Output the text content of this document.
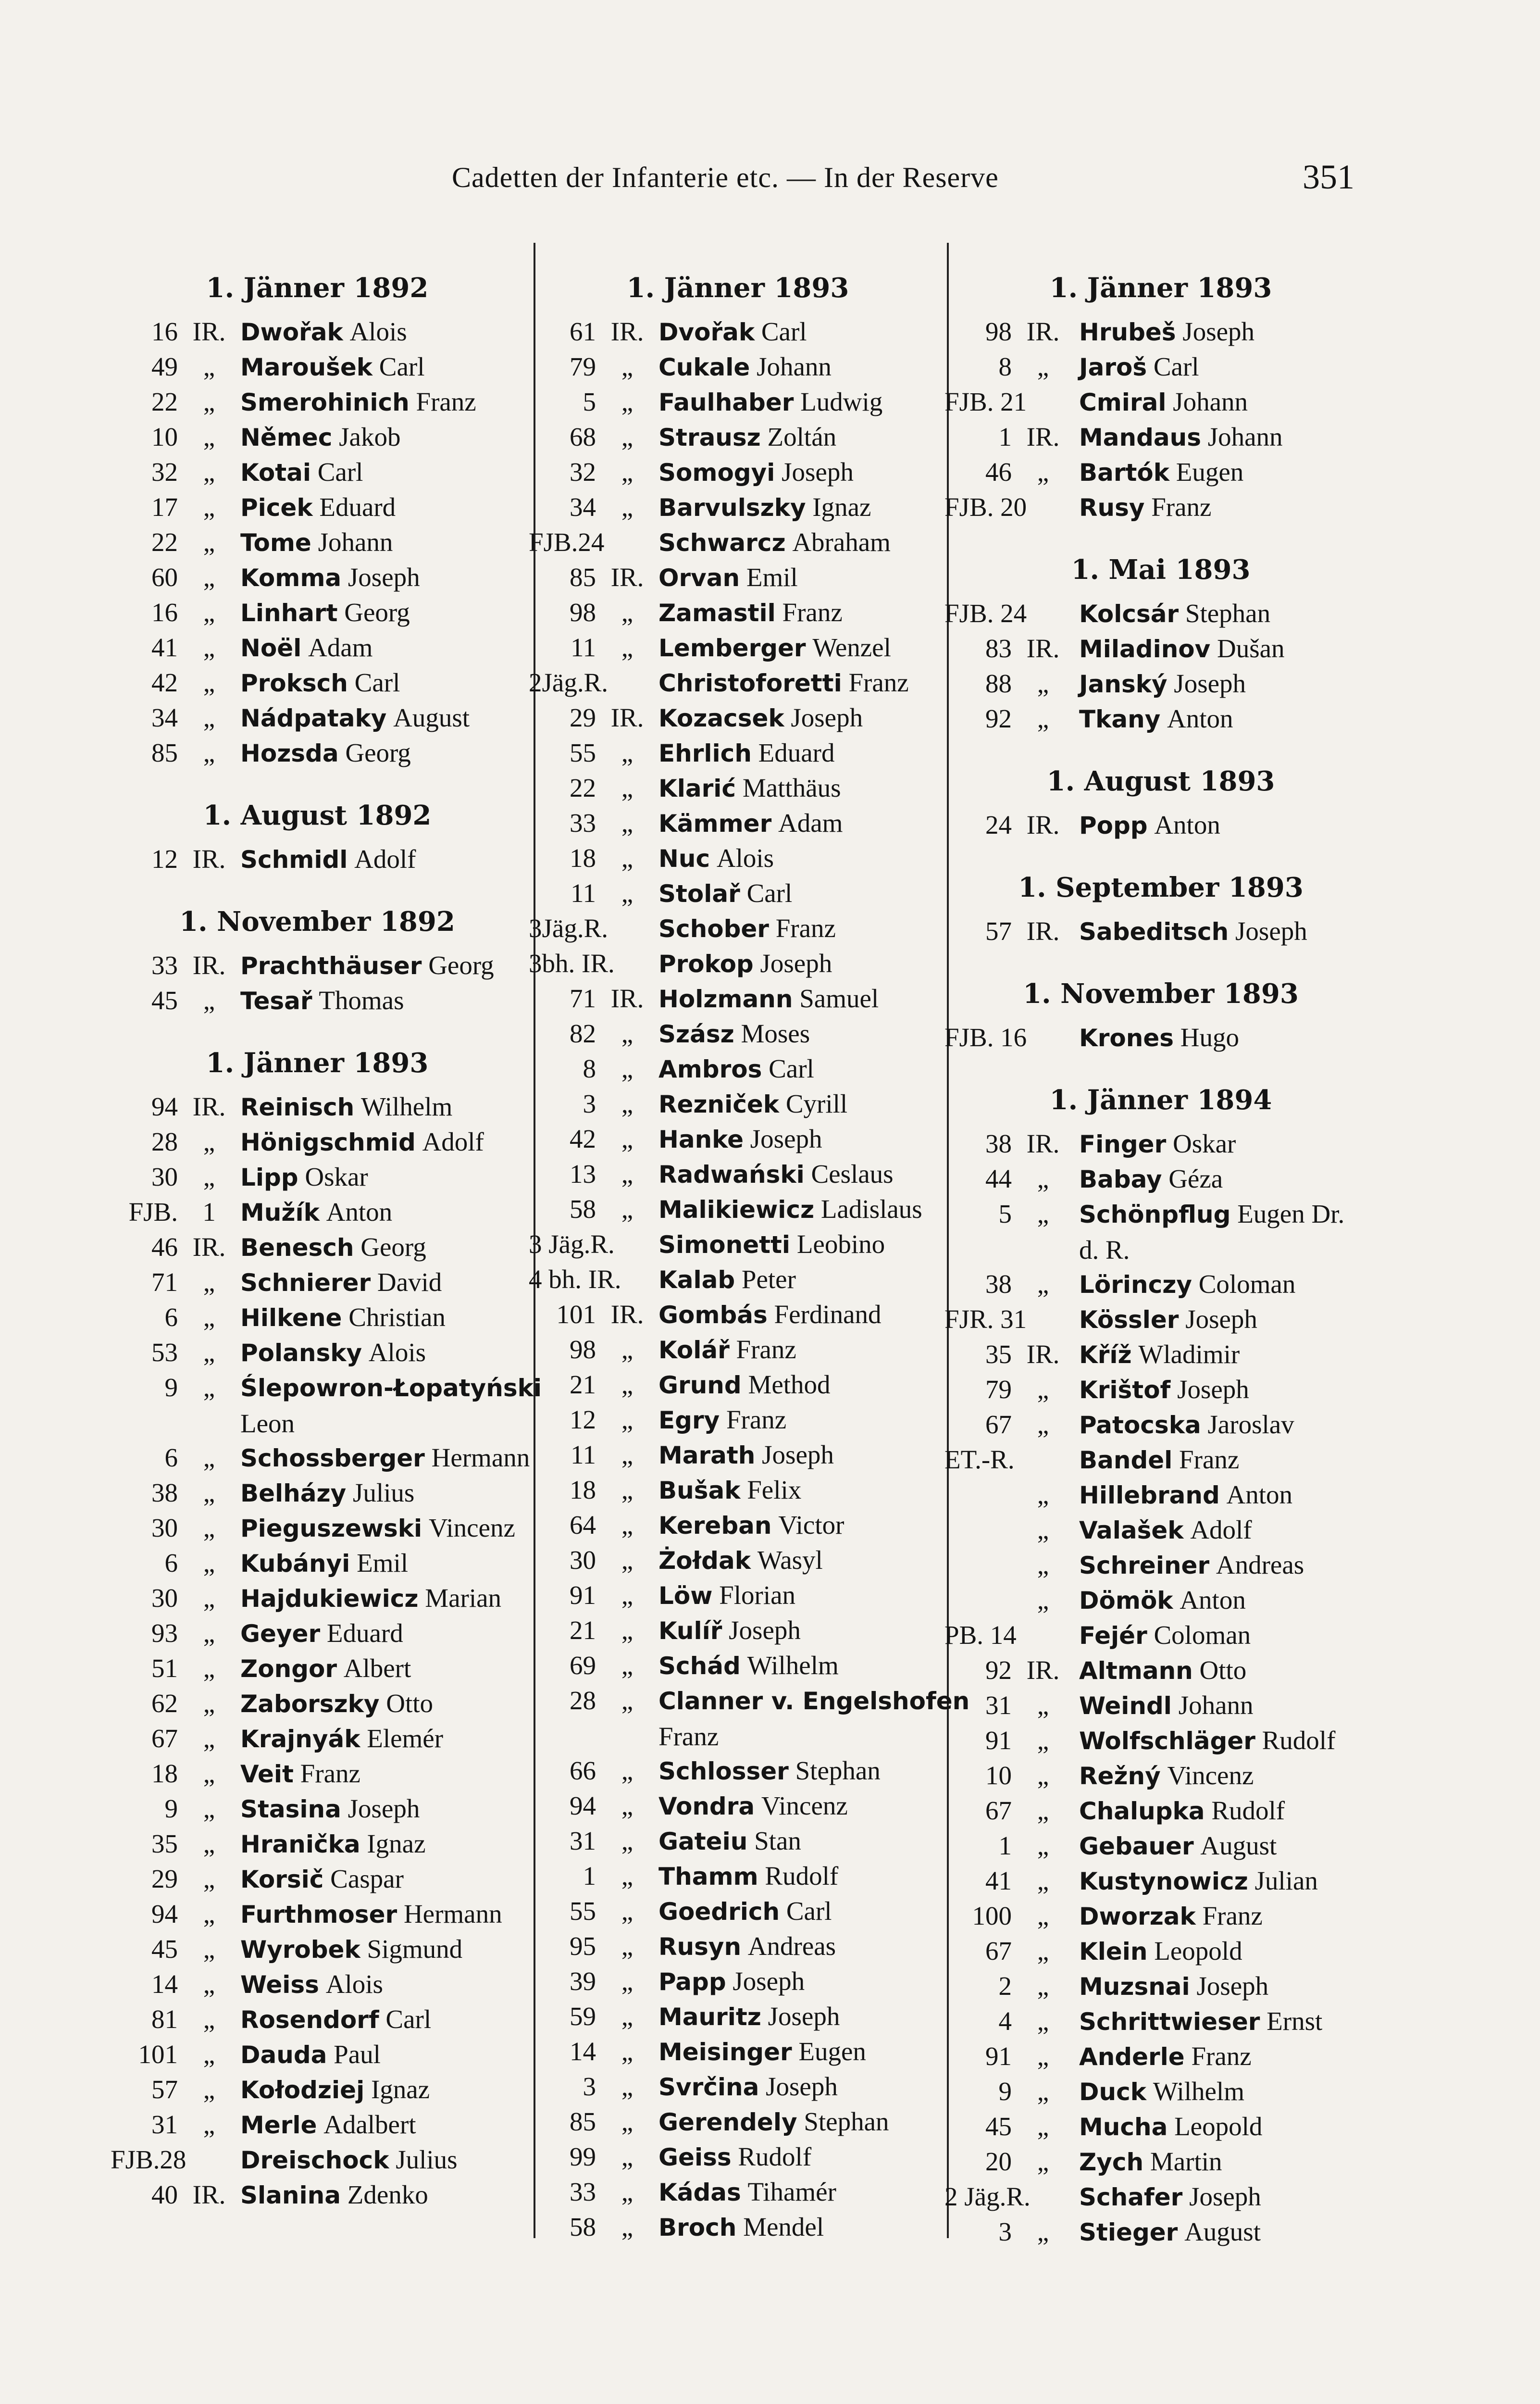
Cadetten der Infanterie etc. — In der Reserve	351
1. Jänner 1892
16 IR. Dwořak Alois
49 „	Maroušek Carl
22 „	Smerohinich Franz
10 „	Němec Jakob
32 „	Kotai Carl
17 „	Picek Eduard
22 „	Tome Johann
60 „	Komma Joseph
16 „	Linhart Georg
41 „	Noël Adam
42 „	Proksch Carl
34 „	Nádpataky August
85 „	Hozsda Georg
1. August 1892
12 IR. Schmidl Adolf
1. November 1892
33 IR. Prachthäuser Georg
45 „	Tesař Thomas
1. Jänner 1893
94 IR. Reinisch Wilhelm
28 „	Hönigschmid Adolf
30 „	Lipp Oskar
FJB. 1	Mužík Anton
46 IR. Benesch Georg
71 „	Schnierer David
6 „	Hilkene Christian
53 „	Polansky Alois
9 „	Ślepowron-Łopatyński
Leon
6 „	Schossberger Hermann
38 „	Belházy Julius
30 „	Pieguszewski Vincenz
6 „	Kubányi Emil
30 „	Hajdukiewicz Marian
93 „	Geyer Eduard
51 „	Zongor Albert
62 „	Zaborszky Otto
67 „	Krajnyák Elemér
18 „	Veit Franz
9 „	Stasina Joseph
35 „	Hranička Ignaz
29 „	Korsič Caspar
94 „	Furthmoser Hermann
45 „	Wyrobek Sigmund
14 „	Weiss Alois
81 „	Rosendorf Carl
101 „	Dauda Paul
57 „	Kołodziej Ignaz
31 „	Merle Adalbert
FJB.28 Dreischock Julius
40 IR. Slanina Zdenko
1. Jänner 1893
61 IR. Dvořak Carl
79 „	Cukale Johann
5 „	Faulhaber Ludwig
68 „	Strausz Zoltán
32 „	Somogyi Joseph
34 „	Barvulszky Ignaz
FJB.24 Schwarcz Abraham
85 IR. Orvan Emil
98 „	Zamastil Franz
11 „	Lemberger Wenzel
2Jäg.R. Christoforetti Franz
29 IR. Kozacsek Joseph
55 „	Ehrlich Eduard
22 „	Klarić Matthäus
33 „	Kämmer Adam
18 „	Nuc Alois
11 „	Stolař Carl
3Jäg.R. Schober Franz
3bh. IR. Prokop Joseph
71 IR. Holzmann Samuel
82 „	Szász Moses
8 „	Ambros Carl
3 „	Rezniček Cyrill
42 „	Hanke Joseph
13 „	Radwański Ceslaus
58 „	Malikiewicz Ladislaus
3 Jäg.R. Simonetti Leobino
4 bh. IR. Kalab Peter
101 IR. Gombás Ferdinand
98 „	Kolář Franz
21 „	Grund Method
12 „	Egry Franz
11 „	Marath Joseph
18 „	Bušak Felix
64 „	Kereban Victor
30 „	Żołdak Wasyl
91 „	Löw Florian
21 „	Kulíř Joseph
69 „	Schád Wilhelm
28 „	Clanner v. Engelshofen
Franz
66 „	Schlosser Stephan
94 „	Vondra Vincenz
31 „	Gateiu Stan
1 „	Thamm Rudolf
55 „	Goedrich Carl
95 „	Rusyn Andreas
39 „	Papp Joseph
59 „	Mauritz Joseph
14 „	Meisinger Eugen
3 „	Svrčina Joseph
85 „	Gerendely Stephan
99 „	Geiss Rudolf
33 „	Kádas Tihamér
58 „	Broch Mendel
1. Jänner 1893
98 IR. Hrubeš Joseph
8 „	Jaroš Carl
FJB. 21 Cmiral Johann
1 IR. Mandaus Johann
46 „	Bartók Eugen
FJB. 20 Rusy Franz
1. Mai 1893
FJB. 24 Kolcsár Stephan
83 IR. Miladinov Dušan
88 „	Janský Joseph
92 „	Tkany Anton
1. August 1893
24 IR. Popp Anton
1. September 1893
57 IR. Sabeditsch Joseph
1. November 1893
FJB. 16 Krones Hugo
1. Jänner 1894
38 IR. Finger Oskar
44 „	Babay Géza
5 „	Schönpflug Eugen Dr.
d. R.
38 „	Lörinczy Coloman
FJR. 31 Kössler Joseph
35 IR. Kříž Wladimir
79 „	Krištof Joseph
67 „	Patocska Jaroslav
ET.-R.	Bandel Franz
„	Hillebrand Anton
„	Valašek Adolf
„	Schreiner Andreas
„	Dömök Anton
PB. 14	Fejér Coloman
92 IR. Altmann Otto
31 „	Weindl Johann
91 „	Wolfschläger Rudolf
10 „	Režný Vincenz
67 „	Chalupka Rudolf
1 „	Gebauer August
41 „	Kustynowicz Julian
100 „	Dworzak Franz
67 „	Klein Leopold
2 „	Muzsnai Joseph
4 „	Schrittwieser Ernst
91 „	Anderle Franz
9 „	Duck Wilhelm
45 „	Mucha Leopold
20 „	Zych Martin
2 Jäg.R. Schafer Joseph
3 „	Stieger August
